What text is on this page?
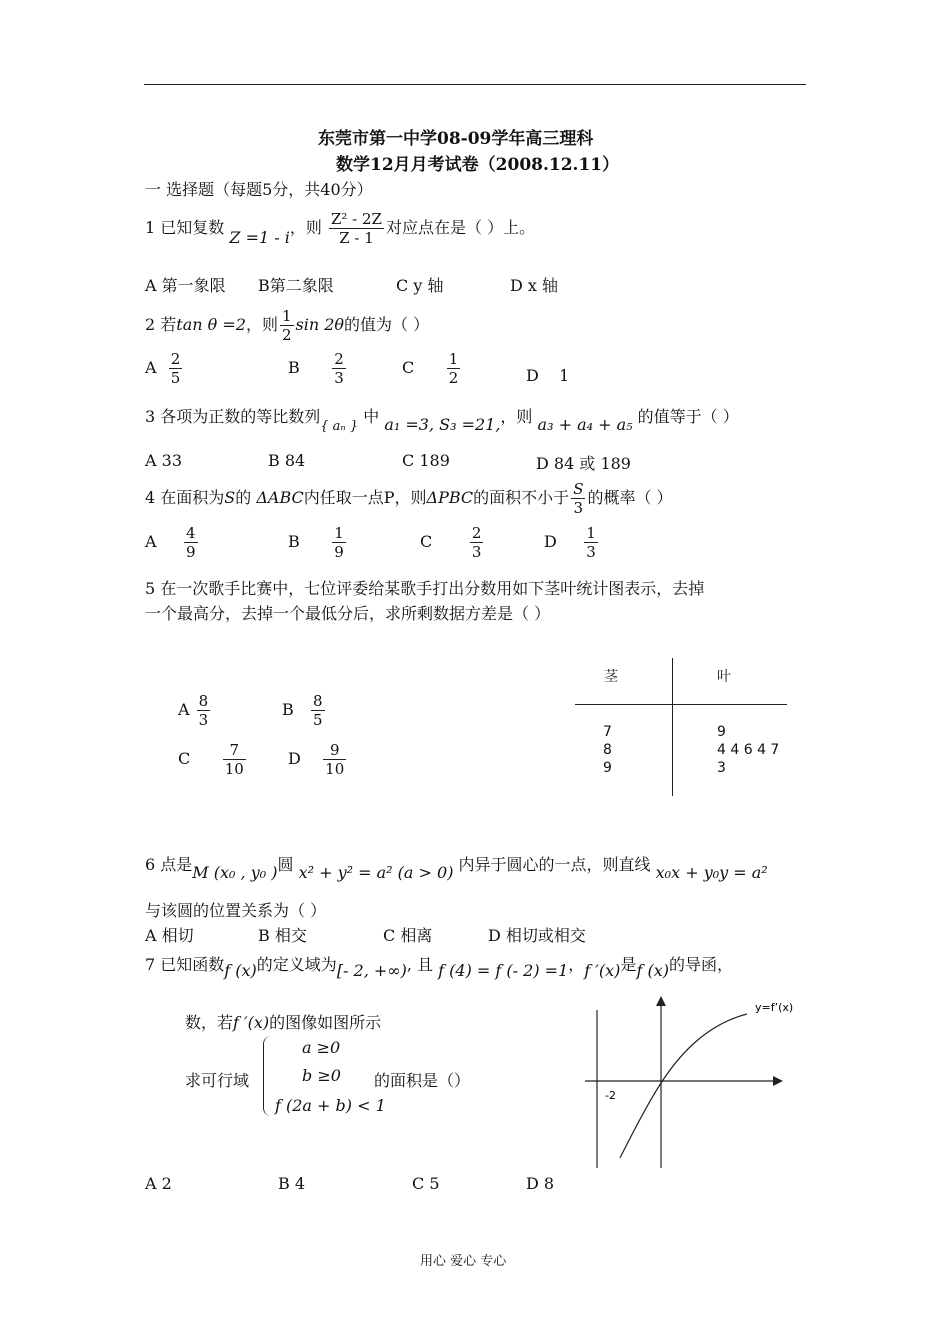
东莞市第一中学08-09学年高三理科
数学12月月考试卷（2008.12.11）
一 选择题（每题5分，共40分）
1 已知复数 Z =1 - i，则 $\frac{\text{Z² - 2Z}}{Z - 1}$ 对应点在是（ ）上。
A 第一象限 B第二象限	C y 轴	D x 轴
2 若tan θ =2，则 $\frac{1}{2}$ sin 2θ的值为（ ）
A $\frac{2}{5}$	B $\frac{2}{3}$	C $\frac{1}{2}$	D 1
3 各项为正数的等比数列$_{\{ a_n \}}$ 中 a₁ =3, S₃ =21,，则 a₃ + a₄ + a₅ 的值等于（ ）
A 33	B 84	C 189	D 84 或 189
4 在面积为S的 ΔABC内任取一点P，则ΔPBC的面积不小于 $\frac{S}{3}$ 的概率（ ）
A $\frac{4}{9}$	B $\frac{1}{9}$	C	$\frac{2}{3}$	D $\frac{1}{3}$
5 在一次歌手比赛中，七位评委给某歌手打出分数用如下茎叶统计图表示，去掉
一个最高分，去掉一个最低分后，求所剩数据方差是（ ）
A $\frac{8}{3}$	B $\frac{8}{5}$
C $\frac{7}{10}$	D $\frac{9}{10}$
茎	叶
7	9
8	4 4 6 4 7
9	3
6 点是M (x₀ , y₀ )圆 x² + y² = a² (a > 0) 内异于圆心的一点，则直线 x₀x + y₀y = a²
与该圆的位置关系为（ ）
A 相切	B 相交	C 相离	D 相切或相交
7 已知函数f (x)的定义域为[- 2, +∞), 且 f (4) = f (- 2) =1，f ′(x)是f (x)的导函，
数，若f ′(x)的图像如图所示
求可行域
a ≥0
b ≥0
f (2a + b) < 1
的面积是（）
-2
y=f’(x)
A 2	B 4	C 5	D 8
用心 爱心 专心
